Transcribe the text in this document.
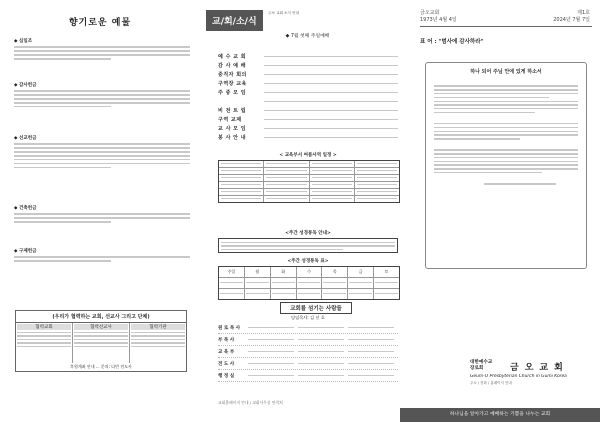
향기로운 예물
◆ 십일조
◆ 감사헌금
◆ 선교헌금
◆ 건축헌금
◆ 구제헌금
(우리가 협력하는 교회, 선교사 그리고 단체)
협력교회	협력선교사	협력기관
후원계좌 안내 ... 문의: 다빈 전도사
교/회/소/식
주보 교회 소식 안내
◆ 7월 첫째 주일예배
예 수 교 회
감 사 예 배
중직자 회의
구역장 교육
주 중 모 임
비 전 트 립
구역 교제
교 사 모 임
봉 사 안 내
< 교육부서 여름사역 일정 >
<주간 성경통독 안내>
<주간 성경통독 표>
주일	월	화	수	목	금	토
교회를 섬기는 사람들
담임목사: 김 선 호
원 로 목 사
부 목 사
교 육 부
전 도 사
행 정 실
교회홈페이지 안내 / 교회사무실 연락처
금오교회
1973년 4월 4일
제1호
2024년 7월 7일
표 어 : "범사에 감사하라"
하나 되어 주님 안에 있게 하소서
대한예수교 장로회	금오교회
Geum-O Presbyterian Church in Gumi Korea
주소 / 전화 / 홈페이지 안내
하나님을 알아가고 예배하는 기쁨을 나누는 교회
